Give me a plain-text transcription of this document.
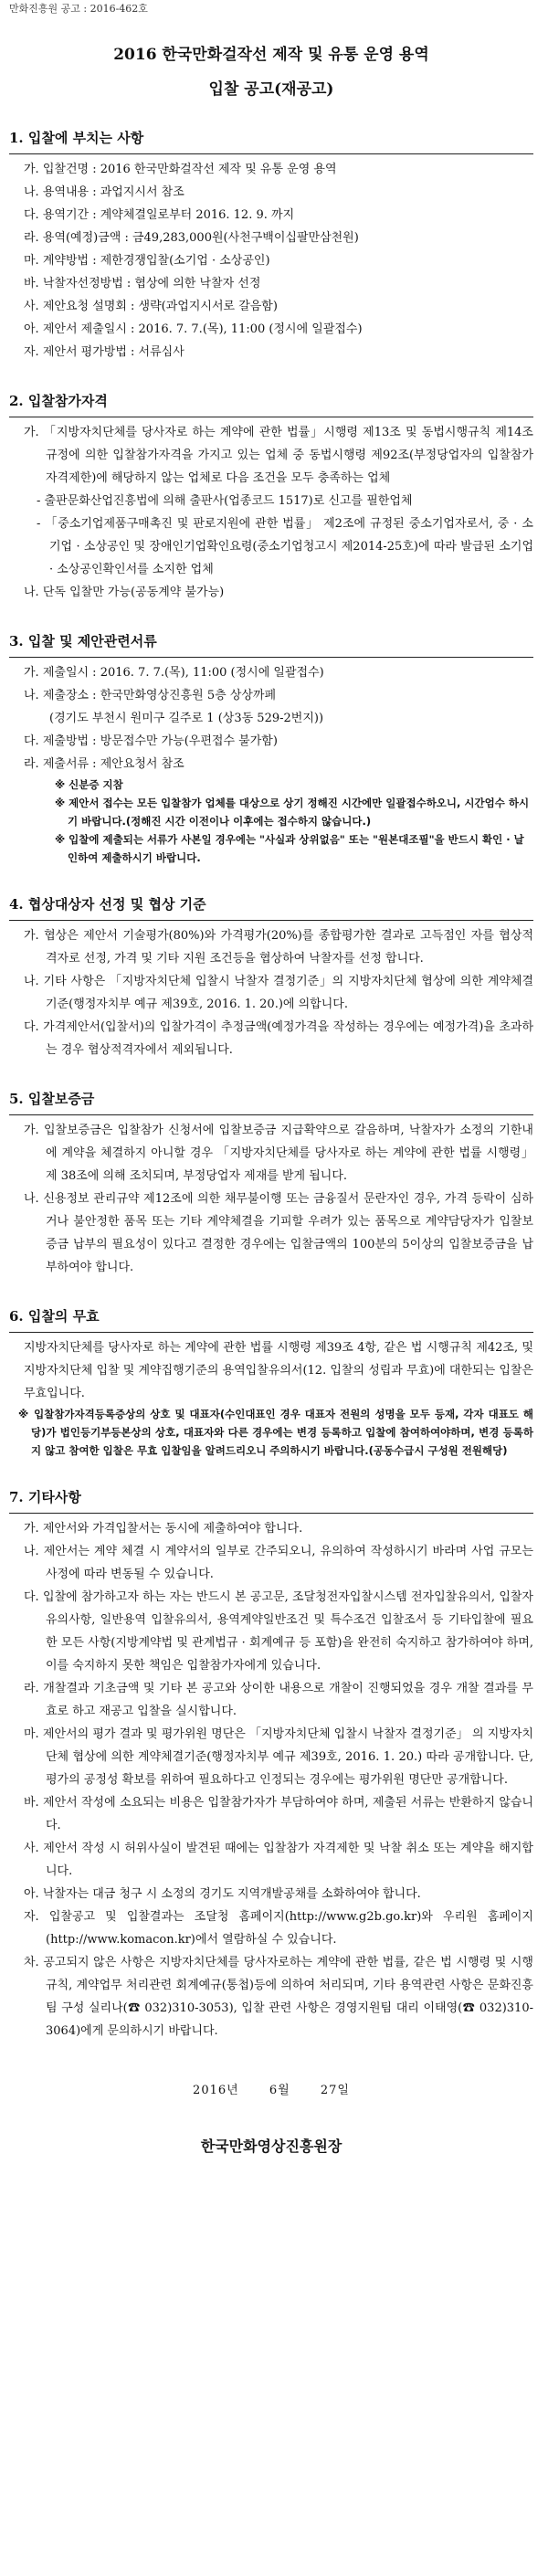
만화진흥원 공고 : 2016-462호
2016 한국만화걸작선 제작 및 유통 운영 용역
입찰 공고(재공고)
1. 입찰에 부치는 사항
가. 입찰건명 : 2016 한국만화걸작선 제작 및 유통 운영 용역
나. 용역내용 : 과업지시서 참조
다. 용역기간 : 계약체결일로부터 2016. 12. 9. 까지
라. 용역(예정)금액 : 금49,283,000원(사천구백이십팔만삼천원)
마. 계약방법 : 제한경쟁입찰(소기업 · 소상공인)
바. 낙찰자선정방법 : 협상에 의한 낙찰자 선정
사. 제안요청 설명회 : 생략(과업지시서로 갈음함)
아. 제안서 제출일시 : 2016. 7. 7.(목), 11:00 (정시에 일괄접수)
자. 제안서 평가방법 : 서류심사
2. 입찰참가자격
가. 「지방자치단체를 당사자로 하는 계약에 관한 법률」시행령 제13조 및 동법시행규칙 제14조 규정에 의한 입찰참가자격을 가지고 있는 업체 중 동법시행령 제92조(부정당업자의 입찰참가자격제한)에 해당하지 않는 업체로 다음 조건을 모두 충족하는 업체
- 출판문화산업진흥법에 의해 출판사(업종코드 1517)로 신고를 필한업체
- 「중소기업제품구매촉진 및 판로지원에 관한 법률」 제2조에 규정된 중소기업자로서, 중 · 소기업 · 소상공인 및 장애인기업확인요령(중소기업청고시 제2014-25호)에 따라 발급된 소기업 · 소상공인확인서를 소지한 업체
나. 단독 입찰만 가능(공동계약 불가능)
3. 입찰 및 제안관련서류
가. 제출일시 : 2016. 7. 7.(목), 11:00 (정시에 일괄접수)
나. 제출장소 : 한국만화영상진흥원 5층 상상까페
(경기도 부천시 원미구 길주로 1 (상3동 529-2번지))
다. 제출방법 : 방문접수만 가능(우편접수 불가함)
라. 제출서류 : 제안요청서 참조
※ 신분증 지참
※ 제안서 접수는 모든 입찰참가 업체를 대상으로 상기 정해진 시간에만 일괄접수하오니, 시간엄수 하시기 바랍니다.(정해진 시간 이전이나 이후에는 접수하지 않습니다.)
※ 입찰에 제출되는 서류가 사본일 경우에는 "사실과 상위없음" 또는 "원본대조필"을 반드시 확인 · 날인하여 제출하시기 바랍니다.
4. 협상대상자 선정 및 협상 기준
가. 협상은 제안서 기술평가(80%)와 가격평가(20%)를 종합평가한 결과로 고득점인 자를 협상적격자로 선정, 가격 및 기타 지원 조건등을 협상하여 낙찰자를 선정 합니다.
나. 기타 사항은 「지방자치단체 입찰시 낙찰자 결정기준」의 지방자치단체 협상에 의한 계약체결기준(행정자치부 예규 제39호, 2016. 1. 20.)에 의합니다.
다. 가격제안서(입찰서)의 입찰가격이 추정금액(예정가격을 작성하는 경우에는 예정가격)을 초과하는 경우 협상적격자에서 제외됩니다.
5. 입찰보증금
가. 입찰보증금은 입찰참가 신청서에 입찰보증금 지급확약으로 갈음하며, 낙찰자가 소정의 기한내에 계약을 체결하지 아니할 경우 「지방자치단체를 당사자로 하는 계약에 관한 법률 시행령」 제 38조에 의해 조치되며, 부정당업자 제재를 받게 됩니다.
나. 신용정보 관리규약 제12조에 의한 채무불이행 또는 금융질서 문란자인 경우, 가격 등락이 심하거나 불안정한 품목 또는 기타 계약체결을 기피할 우려가 있는 품목으로 계약담당자가 입찰보증금 납부의 필요성이 있다고 결정한 경우에는 입찰금액의 100분의 5이상의 입찰보증금을 납부하여야 합니다.
6. 입찰의 무효
지방자치단체를 당사자로 하는 계약에 관한 법률 시행령 제39조 4항, 같은 법 시행규칙 제42조, 및 지방자치단체 입찰 및 계약집행기준의 용역입찰유의서(12. 입찰의 성립과 무효)에 대한되는 입찰은 무효입니다.
※ 입찰참가자격등록증상의 상호 및 대표자(수인대표인 경우 대표자 전원의 성명을 모두 등재, 각자 대표도 해당)가 법인등기부등본상의 상호, 대표자와 다른 경우에는 변경 등록하고 입찰에 참여하여야하며, 변경 등록하지 않고 참여한 입찰은 무효 입찰임을 알려드리오니 주의하시기 바랍니다.(공동수급시 구성원 전원해당)
7. 기타사항
가. 제안서와 가격입찰서는 동시에 제출하여야 합니다.
나. 제안서는 계약 체결 시 계약서의 일부로 간주되오니, 유의하여 작성하시기 바라며 사업 규모는 사정에 따라 변동될 수 있습니다.
다. 입찰에 참가하고자 하는 자는 반드시 본 공고문, 조달청전자입찰시스템 전자입찰유의서, 입찰자유의사항, 일반용역 입찰유의서, 용역계약일반조건 및 특수조건 입찰조서 등 기타입찰에 필요한 모든 사항(지방계약법 및 관계법규 · 회계예규 등 포함)을 완전히 숙지하고 참가하여야 하며, 이를 숙지하지 못한 책임은 입찰참가자에게 있습니다.
라. 개찰결과 기초금액 및 기타 본 공고와 상이한 내용으로 개찰이 진행되었을 경우 개찰 결과를 무효로 하고 재공고 입찰을 실시합니다.
마. 제안서의 평가 결과 및 평가위원 명단은 「지방자치단체 입찰시 낙찰자 결정기준」 의 지방자치단체 협상에 의한 계약체결기준(행정자치부 예규 제39호, 2016. 1. 20.) 따라 공개합니다. 단, 평가의 공정성 확보를 위하여 필요하다고 인정되는 경우에는 평가위원 명단만 공개합니다.
바. 제안서 작성에 소요되는 비용은 입찰참가자가 부담하여야 하며, 제출된 서류는 반환하지 않습니다.
사. 제안서 작성 시 허위사실이 발견된 때에는 입찰참가 자격제한 및 낙찰 취소 또는 계약을 해지합니다.
아. 낙찰자는 대금 청구 시 소정의 경기도 지역개발공채를 소화하여야 합니다.
자. 입찰공고 및 입찰결과는 조달청 홈페이지(http://www.g2b.go.kr)와 우리원 홈페이지(http://www.komacon.kr)에서 열람하실 수 있습니다.
차. 공고되지 않은 사항은 지방자치단체를 당사자로하는 계약에 관한 법률, 같은 법 시행령 및 시행규칙, 계약업무 처리관련 회계예규(통첩)등에 의하여 처리되며, 기타 용역관련 사항은 문화진흥팀 구성 실리나(☎ 032)310-3053), 입찰 관련 사항은 경영지원팀 대리 이태영(☎ 032)310-3064)에게 문의하시기 바랍니다.
2016년	6월	27일
한국만화영상진흥원장
